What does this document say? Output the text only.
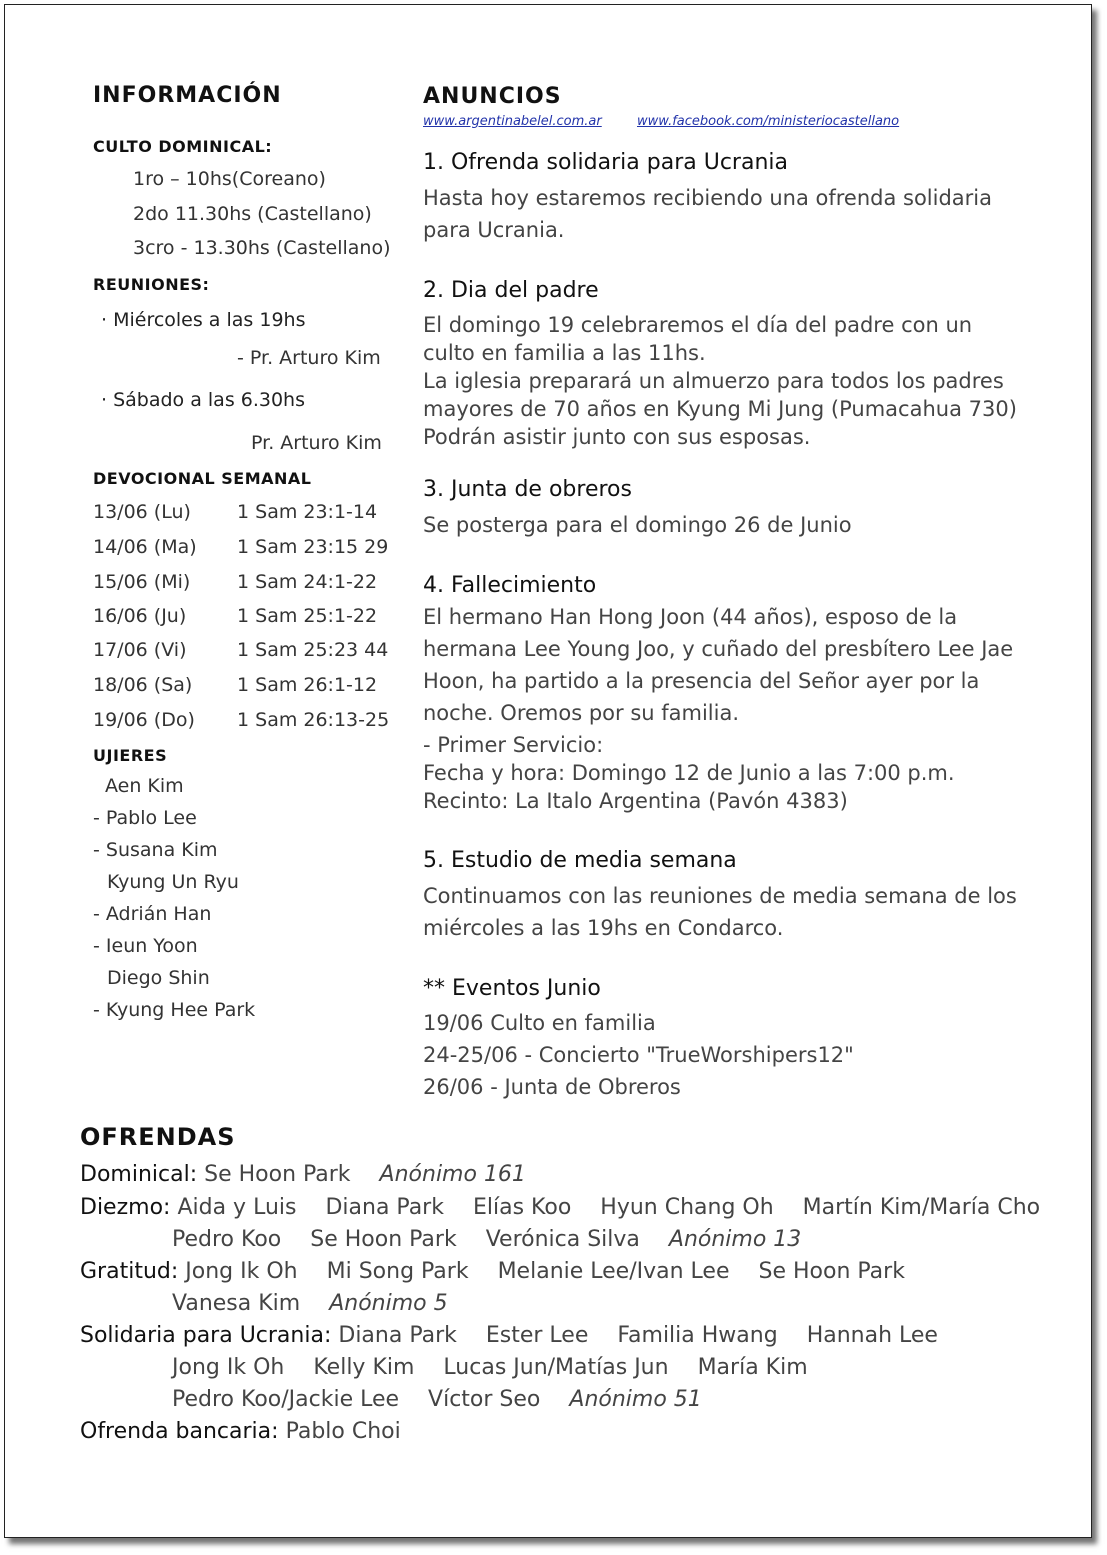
INFORMACIÓN
CULTO DOMINICAL:
1ro – 10hs(Coreano)
2do 11.30hs (Castellano)
3cro - 13.30hs (Castellano)
REUNIONES:
· Miércoles a las 19hs
- Pr. Arturo Kim
· Sábado a las 6.30hs
Pr. Arturo Kim
DEVOCIONAL SEMANAL
13/06 (Lu) 1 Sam 23:1-14
14/06 (Ma) 1 Sam 23:15 29
15/06 (Mi) 1 Sam 24:1-22
16/06 (Ju)	1 Sam 25:1-22
17/06 (Vi)	1 Sam 25:23 44
18/06 (Sa) 1 Sam 26:1-12
19/06 (Do) 1 Sam 26:13-25
UJIERES
Aen Kim
- Pablo Lee
- Susana Kim
Kyung Un Ryu
- Adrián Han
- Ieun Yoon
Diego Shin
- Kyung Hee Park
ANUNCIOS
www.argentinabelel.com.ar	www.facebook.com/ministeriocastellano
1. Ofrenda solidaria para Ucrania
Hasta hoy estaremos recibiendo una ofrenda solidaria para Ucrania.
2. Dia del padre
El domingo 19 celebraremos el día del padre con un culto en familia a las 11hs.
La iglesia preparará un almuerzo para todos los padres mayores de 70 años en Kyung Mi Jung (Pumacahua 730) Podrán asistir junto con sus esposas.
3. Junta de obreros
Se posterga para el domingo 26 de Junio
4. Fallecimiento
El hermano Han Hong Joon (44 años), esposo de la hermana Lee Young Joo, y cuñado del presbítero Lee Jae Hoon, ha partido a la presencia del Señor ayer por la noche. Oremos por su familia.
- Primer Servicio:
Fecha y hora: Domingo 12 de Junio a las 7:00 p.m.
Recinto: La Italo Argentina (Pavón 4383)
5. Estudio de media semana
Continuamos con las reuniones de media semana de los miércoles a las 19hs en Condarco.
** Eventos Junio
19/06 Culto en familia
24-25/06 - Concierto "TrueWorshipers12"
26/06 - Junta de Obreros
OFRENDAS
Dominical: Se Hoon Park Anónimo 161
Diezmo: Aida y Luis Diana Park Elías Koo Hyun Chang Oh Martín Kim/María Cho
Pedro Koo Se Hoon Park Verónica Silva Anónimo 13
Gratitud: Jong Ik Oh Mi Song Park Melanie Lee/Ivan Lee Se Hoon Park
Vanesa Kim Anónimo 5
Solidaria para Ucrania: Diana Park Ester Lee Familia Hwang Hannah Lee
Jong Ik Oh Kelly Kim Lucas Jun/Matías Jun María Kim
Pedro Koo/Jackie Lee Víctor Seo Anónimo 51
Ofrenda bancaria: Pablo Choi
